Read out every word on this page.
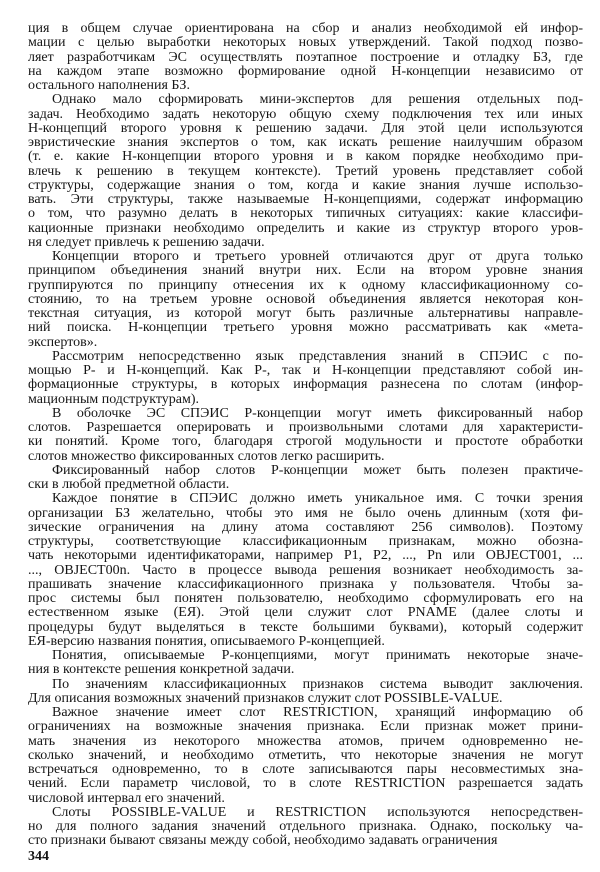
ция в общем случае ориентирована на сбор и анализ необходимой ей инфор-
мации с целью выработки некоторых новых утверждений. Такой подход позво-
ляет разработчикам ЭС осуществлять поэтапное построение и отладку БЗ, где
на каждом этапе возможно формирование одной Н-концепции независимо от
остального наполнения БЗ.
Однако мало сформировать мини-экспертов для решения отдельных под-
задач. Необходимо задать некоторую общую схему подключения тех или иных
Н-концепций второго уровня к решению задачи. Для этой цели используются
эвристические знания экспертов о том, как искать решение наилучшим образом
(т. е. какие Н-концепции второго уровня и в каком порядке необходимо при-
влечь к решению в текущем контексте). Третий уровень представляет собой
структуры, содержащие знания о том, когда и какие знания лучше использо-
вать. Эти структуры, также называемые Н-концепциями, содержат информацию
о том, что разумно делать в некоторых типичных ситуациях: какие классифи-
кационные признаки необходимо определить и какие из структур второго уров-
ня следует привлечь к решению задачи.
Концепции второго и третьего уровней отличаются друг от друга только
принципом объединения знаний внутри них. Если на втором уровне знания
группируются по принципу отнесения их к одному классификационному со-
стоянию, то на третьем уровне основой объединения является некоторая кон-
текстная ситуация, из которой могут быть различные альтернативы направле-
ний поиска. Н-концепции третьего уровня можно рассматривать как «мета-
экспертов».
Рассмотрим непосредственно язык представления знаний в СПЭИС с по-
мощью Р- и Н-концепций. Как Р-, так и Н-концепции представляют собой ин-
формационные структуры, в которых информация разнесена по слотам (инфор-
мационным подструктурам).
В оболочке ЭС СПЭИС Р-концепции могут иметь фиксированный набор
слотов. Разрешается оперировать и произвольными слотами для характеристи-
ки понятий. Кроме того, благодаря строгой модульности и простоте обработки
слотов множество фиксированных слотов легко расширить.
Фиксированный набор слотов Р-концепции может быть полезен практиче-
ски в любой предметной области.
Каждое понятие в СПЭИС должно иметь уникальное имя. С точки зрения
организации БЗ желательно, чтобы это имя не было очень длинным (хотя фи-
зические ограничения на длину атома составляют 256 символов). Поэтому
структуры, соответствующие классификационным признакам, можно обозна-
чать некоторыми идентификаторами, например P1, P2, ..., Pn или OBJECT001, ...
..., OBJECT00n. Часто в процессе вывода решения возникает необходимость за-
прашивать значение классификационного признака у пользователя. Чтобы за-
прос системы был понятен пользователю, необходимо сформулировать его на
естественном языке (ЕЯ). Этой цели служит слот PNAME (далее слоты и
процедуры будут выделяться в тексте большими буквами), который содержит
ЕЯ-версию названия понятия, описываемого Р-концепцией.
Понятия, описываемые Р-концепциями, могут принимать некоторые значе-
ния в контексте решения конкретной задачи.
По значениям классификационных признаков система выводит заключения.
Для описания возможных значений признаков служит слот POSSIBLE-VALUE.
Важное значение имеет слот RESTRICTION, хранящий информацию об
ограничениях на возможные значения признака. Если признак может прини-
мать значения из некоторого множества атомов, причем одновременно не-
сколько значений, и необходимо отметить, что некоторые значения не могут
встречаться одновременно, то в слоте записываются пары несовместимых зна-
чений. Если параметр числовой, то в слоте RESTRICTION разрешается задать
числовой интервал его значений.
Слоты POSSIBLE-VALUE и RESTRICTION используются непосредствен-
но для полного задания значений отдельного признака. Однако, поскольку ча-
сто признаки бывают связаны между собой, необходимо задавать ограничения
344
